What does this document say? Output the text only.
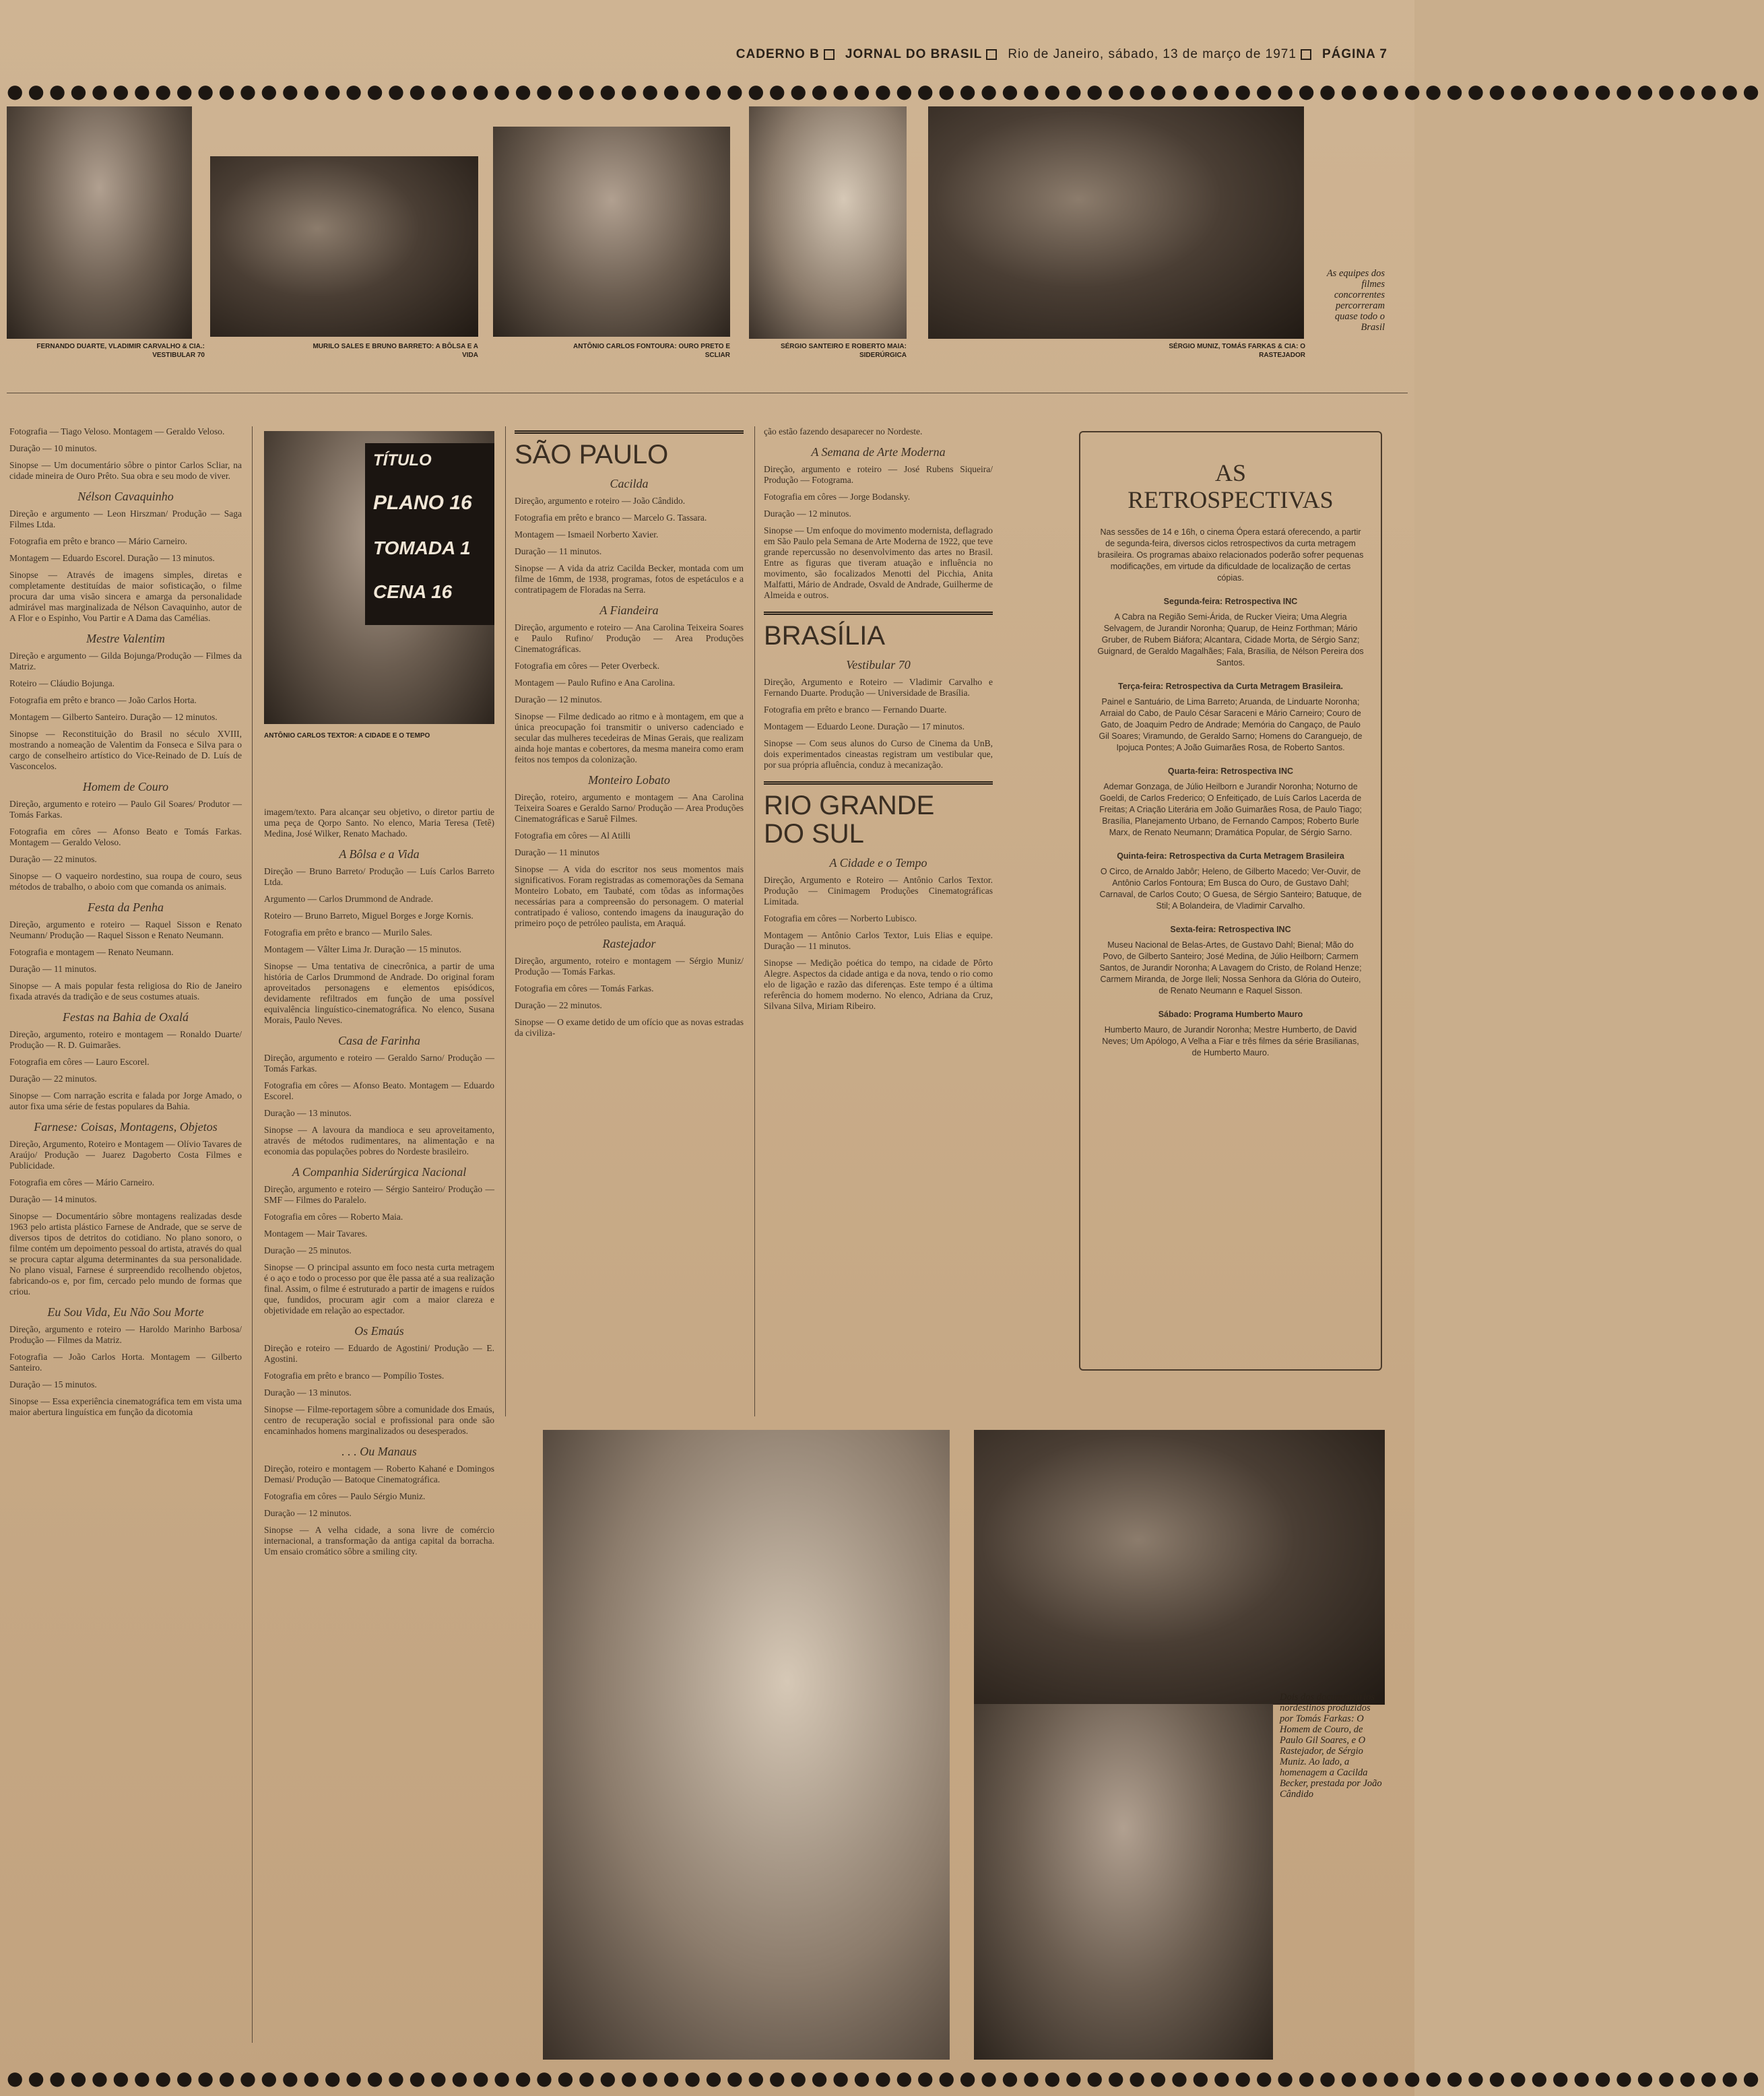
CADERNO B JORNAL DO BRASIL Rio de Janeiro, sábado, 13 de março de 1971 PÁGINA 7
●●●●●●●●●●●●●●●●●●●●●●●●●●●●●●●●●●●●●●●●●●●●●●●●●●●●●●●●●●●●●●●●●●●●●●●●●●●●●●●●●●●
FERNANDO DUARTE, VLADIMIR CARVALHO & CIA.: VESTIBULAR 70
MURILO SALES E BRUNO BARRETO: A BÔLSA E A VIDA
ANTÔNIO CARLOS FONTOURA: OURO PRETO E SCLIAR
SÉRGIO SANTEIRO E ROBERTO MAIA: SIDERÚRGICA
SÉRGIO MUNIZ, TOMÁS FARKAS & CIA: O RASTEJADOR
As equipes dos filmes concorrentes percorreram quase todo o Brasil

Fotografia — Tiago Veloso. Montagem — Geraldo Veloso.

Duração — 10 minutos.

Sinopse — Um documentário sôbre o pintor Carlos Scliar, na cidade mineira de Ouro Prêto. Sua obra e seu modo de viver.

Nélson Cavaquinho

Direção e argumento — Leon Hirszman/ Produção — Saga Filmes Ltda.

Fotografia em prêto e branco — Mário Carneiro.

Montagem — Eduardo Escorel. Duração — 13 minutos.

Sinopse — Através de imagens simples, diretas e completamente destituídas de maior sofisticação, o filme procura dar uma visão sincera e amarga da personalidade admirável mas marginalizada de Nélson Cavaquinho, autor de A Flor e o Espinho, Vou Partir e A Dama das Camélias.

Mestre Valentim

Direção e argumento — Gilda Bojunga/Produção — Filmes da Matriz.

Roteiro — Cláudio Bojunga.

Fotografia em prêto e branco — João Carlos Horta.

Montagem — Gilberto Santeiro. Duração — 12 minutos.

Sinopse — Reconstituição do Brasil no século XVIII, mostrando a nomeação de Valentim da Fonseca e Silva para o cargo de conselheiro artístico do Vice-Reinado de D. Luís de Vasconcelos.

Homem de Couro

Direção, argumento e roteiro — Paulo Gil Soares/ Produtor — Tomás Farkas.

Fotografia em côres — Afonso Beato e Tomás Farkas. Montagem — Geraldo Veloso.

Duração — 22 minutos.

Sinopse — O vaqueiro nordestino, sua roupa de couro, seus métodos de trabalho, o aboio com que comanda os animais.

Festa da Penha

Direção, argumento e roteiro — Raquel Sisson e Renato Neumann/ Produção — Raquel Sisson e Renato Neumann.

Fotografia e montagem — Renato Neumann.

Duração — 11 minutos.

Sinopse — A mais popular festa religiosa do Rio de Janeiro fixada através da tradição e de seus costumes atuais.

Festas na Bahia de Oxalá

Direção, argumento, roteiro e montagem — Ronaldo Duarte/ Produção — R. D. Guimarães.

Fotografia em côres — Lauro Escorel.

Duração — 22 minutos.

Sinopse — Com narração escrita e falada por Jorge Amado, o autor fixa uma série de festas populares da Bahia.

Farnese: Coisas, Montagens, Objetos

Direção, Argumento, Roteiro e Montagem — Olívio Tavares de Araújo/ Produção — Juarez Dagoberto Costa Filmes e Publicidade.

Fotografia em côres — Mário Carneiro.

Duração — 14 minutos.

Sinopse — Documentário sôbre montagens realizadas desde 1963 pelo artista plástico Farnese de Andrade, que se serve de diversos tipos de detritos do cotidiano. No plano sonoro, o filme contém um depoimento pessoal do artista, através do qual se procura captar alguma determinantes da sua personalidade. No plano visual, Farnese é surpreendido recolhendo objetos, fabricando-os e, por fim, cercado pelo mundo de formas que criou.

Eu Sou Vida, Eu Não Sou Morte

Direção, argumento e roteiro — Haroldo Marinho Barbosa/ Produção — Filmes da Matriz.

Fotografia — João Carlos Horta. Montagem — Gilberto Santeiro.

Duração — 15 minutos.

Sinopse — Essa experiência cinematográfica tem em vista uma maior abertura linguística em função da dicotomia

TÍTULO
PLANO 16
TOMADA 1
CENA 16
ANTÔNIO CARLOS TEXTOR: A CIDADE E O TEMPO

imagem/texto. Para alcançar seu objetivo, o diretor partiu de uma peça de Qorpo Santo. No elenco, Maria Teresa (Tetê) Medina, José Wilker, Renato Machado.

A Bôlsa e a Vida

Direção — Bruno Barreto/ Produção — Luís Carlos Barreto Ltda.

Argumento — Carlos Drummond de Andrade.

Roteiro — Bruno Barreto, Miguel Borges e Jorge Kornis.

Fotografia em prêto e branco — Murilo Sales.

Montagem — Vâlter Lima Jr. Duração — 15 minutos.

Sinopse — Uma tentativa de cinecrônica, a partir de uma história de Carlos Drummond de Andrade. Do original foram aproveitados personagens e elementos episódicos, devidamente refiltrados em função de uma possível equivalência linguístico-cinematográfica. No elenco, Susana Morais, Paulo Neves.

Casa de Farinha

Direção, argumento e roteiro — Geraldo Sarno/ Produção — Tomás Farkas.

Fotografia em côres — Afonso Beato. Montagem — Eduardo Escorel.

Duração — 13 minutos.

Sinopse — A lavoura da mandioca e seu aproveitamento, através de métodos rudimentares, na alimentação e na economia das populações pobres do Nordeste brasileiro.

A Companhia Siderúrgica Nacional

Direção, argumento e roteiro — Sérgio Santeiro/ Produção — SMF — Filmes do Paralelo.

Fotografia em côres — Roberto Maia.

Montagem — Mair Tavares.

Duração — 25 minutos.

Sinopse — O principal assunto em foco nesta curta metragem é o aço e todo o processo por que êle passa até a sua realização final. Assim, o filme é estruturado a partir de imagens e ruídos que, fundidos, procuram agir com a maior clareza e objetividade em relação ao espectador.

Os Emaús

Direção e roteiro — Eduardo de Agostini/ Produção — E. Agostini.

Fotografia em prêto e branco — Pompílio Tostes.

Duração — 13 minutos.

Sinopse — Filme-reportagem sôbre a comunidade dos Emaús, centro de recuperação social e profissional para onde são encaminhados homens marginalizados ou desesperados.

. . . Ou Manaus

Direção, roteiro e montagem — Roberto Kahané e Domingos Demasi/ Produção — Batoque Cinematográfica.

Fotografia em côres — Paulo Sérgio Muniz.

Duração — 12 minutos.

Sinopse — A velha cidade, a sona livre de comércio internacional, a transformação da antiga capital da borracha. Um ensaio cromático sôbre a smiling city.

SÃO PAULO
Cacilda

Direção, argumento e roteiro — João Cândido.

Fotografia em prêto e branco — Marcelo G. Tassara.

Montagem — Ismaeil Norberto Xavier.

Duração — 11 minutos.

Sinopse — A vida da atriz Cacilda Becker, montada com um filme de 16mm, de 1938, programas, fotos de espetáculos e a contratipagem de Floradas na Serra.

A Fiandeira

Direção, argumento e roteiro — Ana Carolina Teixeira Soares e Paulo Rufino/ Produção — Area Produções Cinematográficas.

Fotografia em côres — Peter Overbeck.

Montagem — Paulo Rufino e Ana Carolina.

Duração — 12 minutos.

Sinopse — Filme dedicado ao ritmo e à montagem, em que a única preocupação foi transmitir o universo cadenciado e secular das mulheres tecedeiras de Minas Gerais, que realizam ainda hoje mantas e cobertores, da mesma maneira como eram feitos nos tempos da colonização.

Monteiro Lobato

Direção, roteiro, argumento e montagem — Ana Carolina Teixeira Soares e Geraldo Sarno/ Produção — Area Produções Cinematográficas e Saruê Filmes.

Fotografia em côres — Al Atilli

Duração — 11 minutos

Sinopse — A vida do escritor nos seus momentos mais significativos. Foram registradas as comemorações da Semana Monteiro Lobato, em Taubaté, com tôdas as informações necessárias para a compreensão do personagem. O material contratipado é valioso, contendo imagens da inauguração do primeiro poço de petróleo paulista, em Araquá.

Rastejador

Direção, argumento, roteiro e montagem — Sérgio Muniz/ Produção — Tomás Farkas.

Fotografia em côres — Tomás Farkas.

Duração — 22 minutos.

Sinopse — O exame detido de um ofício que as novas estradas da civiliza-

ção estão fazendo desaparecer no Nordeste.

A Semana de Arte Moderna

Direção, argumento e roteiro — José Rubens Siqueira/ Produção — Fotograma.

Fotografia em côres — Jorge Bodansky.

Duração — 12 minutos.

Sinopse — Um enfoque do movimento modernista, deflagrado em São Paulo pela Semana de Arte Moderna de 1922, que teve grande repercussão no desenvolvimento das artes no Brasil. Entre as figuras que tiveram atuação e influência no movimento, são focalizados Menotti del Picchia, Anita Malfatti, Mário de Andrade, Osvald de Andrade, Guilherme de Almeida e outros.

BRASÍLIA
Vestibular 70

Direção, Argumento e Roteiro — Vladimir Carvalho e Fernando Duarte. Produção — Universidade de Brasília.

Fotografia em prêto e branco — Fernando Duarte.

Montagem — Eduardo Leone. Duração — 17 minutos.

Sinopse — Com seus alunos do Curso de Cinema da UnB, dois experimentados cineastas registram um vestibular que, por sua própria afluência, conduz à mecanização.

RIO GRANDE
DO SUL
A Cidade e o Tempo

Direção, Argumento e Roteiro — Antônio Carlos Textor. Produção — Cinimagem Produções Cinematográficas Limitada.

Fotografia em côres — Norberto Lubisco.

Montagem — Antônio Carlos Textor, Luis Elias e equipe. Duração — 11 minutos.

Sinopse — Medição poética do tempo, na cidade de Pôrto Alegre. Aspectos da cidade antiga e da nova, tendo o rio como elo de ligação e razão das diferenças. Este tempo é a última referência do homem moderno. No elenco, Adriana da Cruz, Silvana Silva, Miriam Ribeiro.

AS
RETROSPECTIVAS

Nas sessões de 14 e 16h, o cinema Ópera estará oferecendo, a partir de segunda-feira, diversos ciclos retrospectivos da curta metragem brasileira. Os programas abaixo relacionados poderão sofrer pequenas modificações, em virtude da dificuldade de localização de certas cópias.

Segunda-feira: Retrospectiva INC

A Cabra na Região Semi-Árida, de Rucker Vieira; Uma Alegria Selvagem, de Jurandir Noronha; Quarup, de Heinz Forthman; Mário Gruber, de Rubem Biáfora; Alcantara, Cidade Morta, de Sérgio Sanz; Guignard, de Geraldo Magalhães; Fala, Brasília, de Nélson Pereira dos Santos.

Terça-feira: Retrospectiva da Curta Metragem Brasileira.

Painel e Santuário, de Lima Barreto; Aruanda, de Linduarte Noronha; Arraial do Cabo, de Paulo César Saraceni e Mário Carneiro; Couro de Gato, de Joaquim Pedro de Andrade; Memória do Cangaço, de Paulo Gil Soares; Viramundo, de Geraldo Sarno; Homens do Caranguejo, de Ipojuca Pontes; A João Guimarães Rosa, de Roberto Santos.

Quarta-feira: Retrospectiva INC

Ademar Gonzaga, de Júlio Heilborn e Jurandir Noronha; Noturno de Goeldi, de Carlos Frederico; O Enfeitiçado, de Luís Carlos Lacerda de Freitas; A Criação Literária em João Guimarães Rosa, de Paulo Tiago; Brasília, Planejamento Urbano, de Fernando Campos; Roberto Burle Marx, de Renato Neumann; Dramática Popular, de Sérgio Sarno.

Quinta-feira: Retrospectiva da Curta Metragem Brasileira

O Circo, de Arnaldo Jabôr; Heleno, de Gilberto Macedo; Ver-Ouvir, de Antônio Carlos Fontoura; Em Busca do Ouro, de Gustavo Dahl; Carnaval, de Carlos Couto; O Guesa, de Sérgio Santeiro; Batuque, de Stil; A Bolandeira, de Vladimir Carvalho.

Sexta-feira: Retrospectiva INC

Museu Nacional de Belas-Artes, de Gustavo Dahl; Bienal; Mão do Povo, de Gilberto Santeiro; José Medina, de Júlio Heilborn; Carmem Santos, de Jurandir Noronha; A Lavagem do Cristo, de Roland Henze; Carmem Miranda, de Jorge Ileli; Nossa Senhora da Glória do Outeiro, de Renato Neumann e Raquel Sisson.

Sábado: Programa Humberto Mauro

Humberto Mauro, de Jurandir Noronha; Mestre Humberto, de David Neves; Um Apólogo, A Velha a Fiar e três filmes da série Brasilianas, de Humberto Mauro.

Dois dos documentários nordestinos produzidos por Tomás Farkas: O Homem de Couro, de Paulo Gil Soares, e O Rastejador, de Sérgio Muniz. Ao lado, a homenagem a Cacilda Becker, prestada por João Cândido
●●●●●●●●●●●●●●●●●●●●●●●●●●●●●●●●●●●●●●●●●●●●●●●●●●●●●●●●●●●●●●●●●●●●●●●●●●●●●●●●●●●
